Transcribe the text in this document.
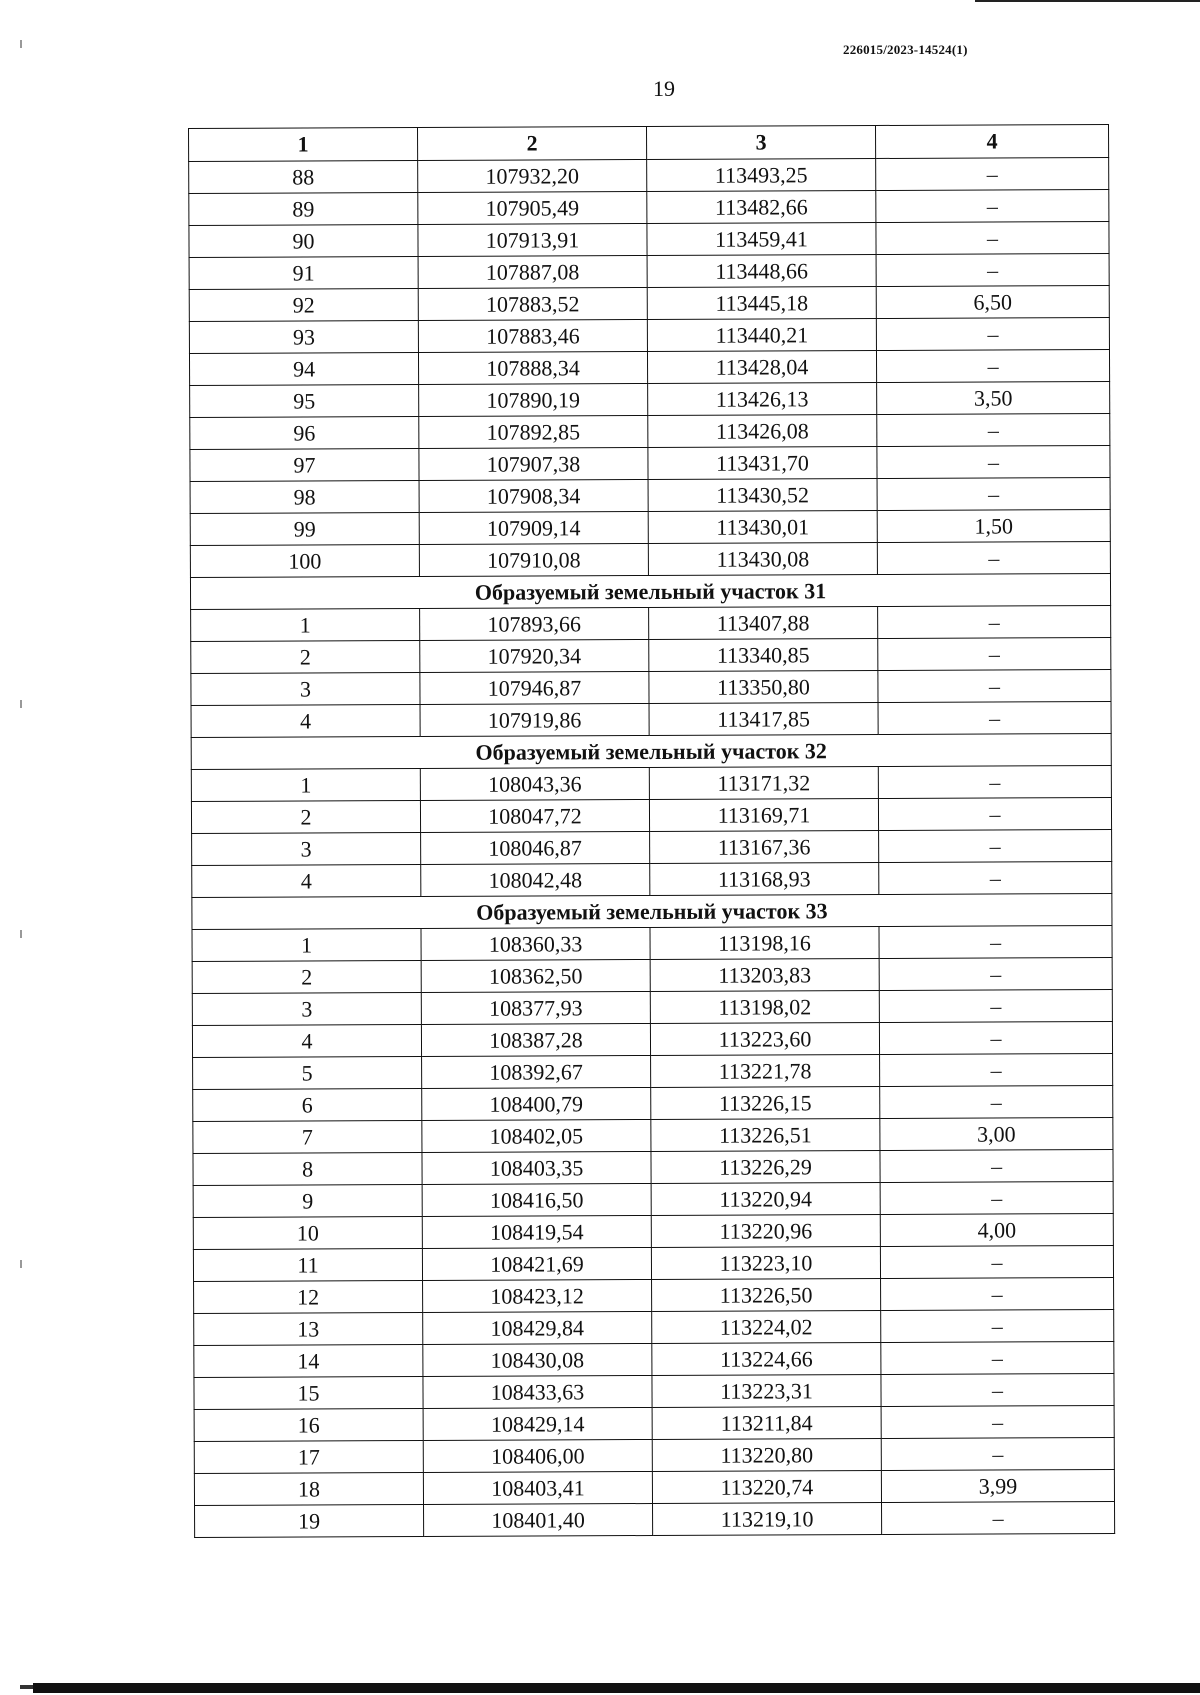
226015/2023-14524(1)
19
1	2	3	4
88	107932,20	113493,25	–
89	107905,49	113482,66	–
90	107913,91	113459,41	–
91	107887,08	113448,66	–
92	107883,52	113445,18	6,50
93	107883,46	113440,21	–
94	107888,34	113428,04	–
95	107890,19	113426,13	3,50
96	107892,85	113426,08	–
97	107907,38	113431,70	–
98	107908,34	113430,52	–
99	107909,14	113430,01	1,50
100	107910,08	113430,08	–
Образуемый земельный участок 31			
1	107893,66	113407,88	–
2	107920,34	113340,85	–
3	107946,87	113350,80	–
4	107919,86	113417,85	–
Образуемый земельный участок 32			
1	108043,36	113171,32	–
2	108047,72	113169,71	–
3	108046,87	113167,36	–
4	108042,48	113168,93	–
Образуемый земельный участок 33			
1	108360,33	113198,16	–
2	108362,50	113203,83	–
3	108377,93	113198,02	–
4	108387,28	113223,60	–
5	108392,67	113221,78	–
6	108400,79	113226,15	–
7	108402,05	113226,51	3,00
8	108403,35	113226,29	–
9	108416,50	113220,94	–
10	108419,54	113220,96	4,00
11	108421,69	113223,10	–
12	108423,12	113226,50	–
13	108429,84	113224,02	–
14	108430,08	113224,66	–
15	108433,63	113223,31	–
16	108429,14	113211,84	–
17	108406,00	113220,80	–
18	108403,41	113220,74	3,99
19	108401,40	113219,10	–
